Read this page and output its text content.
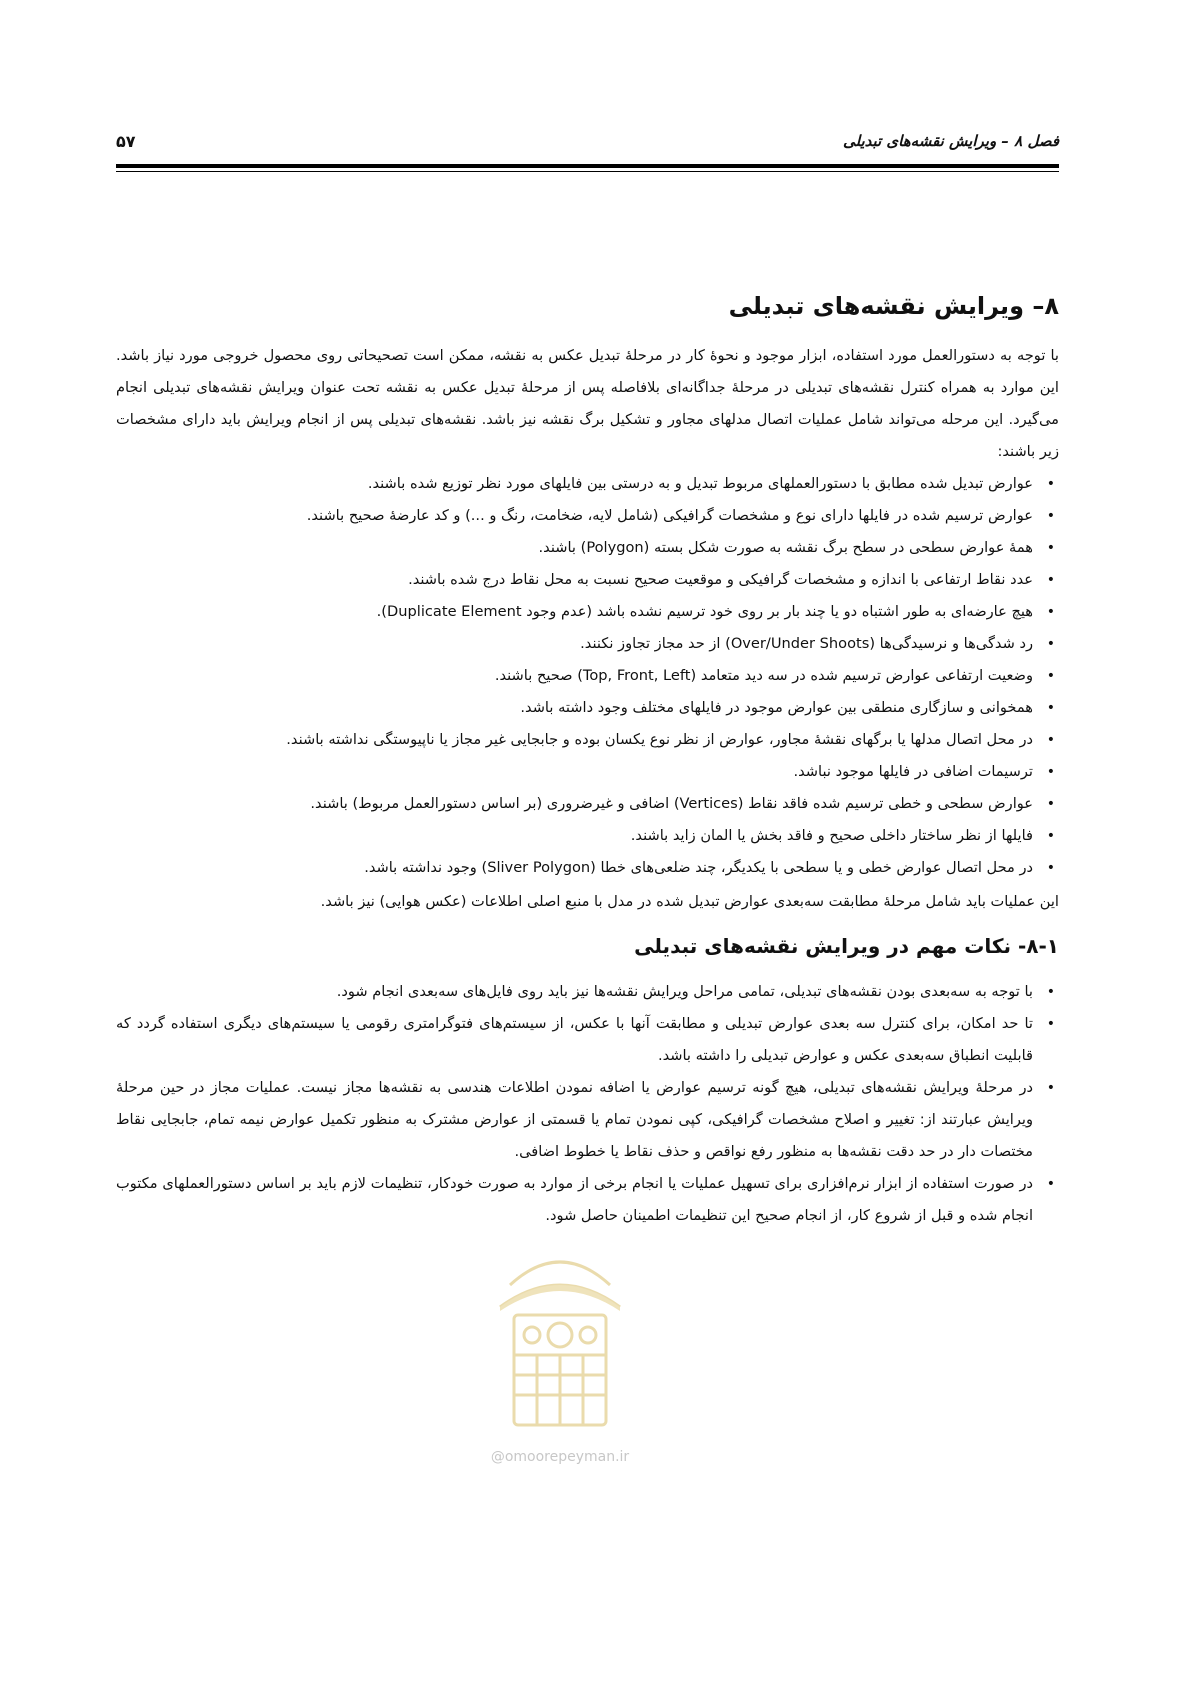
فصل ۸ – ویرایش نقشه‌های تبدیلی
۵۷
۸– ویرایش نقشه‌های تبدیلی

با توجه به دستورالعمل مورد استفاده، ابزار موجود و نحوهٔ کار در مرحلهٔ تبدیل عکس به نقشه، ممکن است تصحیحاتی روی محصول خروجی مورد نیاز باشد. این موارد به همراه کنترل نقشه‌های تبدیلی در مرحلهٔ جداگانه‌ای بلافاصله پس از مرحلهٔ تبدیل عکس به نقشه تحت عنوان ویرایش نقشه‌های تبدیلی انجام می‌گیرد. این مرحله می‌تواند شامل عملیات اتصال مدلهای مجاور و تشکیل برگ نقشه نیز باشد. نقشه‌های تبدیلی پس از انجام ویرایش باید دارای مشخصات زیر باشند:

• عوارض تبدیل شده مطابق با دستورالعملهای مربوط تبدیل و به درستی بین فایلهای مورد نظر توزیع شده باشند.
• عوارض ترسیم شده در فایلها دارای نوع و مشخصات گرافیکی (شامل لایه، ضخامت، رنگ و ...) و کد عارضهٔ صحیح باشند.
• همهٔ عوارض سطحی در سطح برگ نقشه به صورت شکل بسته (Polygon) باشند.
• عدد نقاط ارتفاعی با اندازه و مشخصات گرافیکی و موقعیت صحیح نسبت به محل نقاط درج شده باشند.
• هیچ عارضه‌ای به طور اشتباه دو یا چند بار بر روی خود ترسیم نشده باشد (عدم وجود Duplicate Element).
• رد شدگی‌ها و نرسیدگی‌ها (Over/Under Shoots) از حد مجاز تجاوز نکنند.
• وضعیت ارتفاعی عوارض ترسیم شده در سه دید متعامد (Top, Front, Left) صحیح باشند.
• همخوانی و سازگاری منطقی بین عوارض موجود در فایلهای مختلف وجود داشته باشد.
• در محل اتصال مدلها یا برگهای نقشهٔ مجاور، عوارض از نظر نوع یکسان بوده و جابجایی غیر مجاز یا ناپیوستگی نداشته باشند.
• ترسیمات اضافی در فایلها موجود نباشد.
• عوارض سطحی و خطی ترسیم شده فاقد نقاط (Vertices) اضافی و غیرضروری (بر اساس دستورالعمل مربوط) باشند.
• فایلها از نظر ساختار داخلی صحیح و فاقد بخش یا المان زاید باشند.
• در محل اتصال عوارض خطی و یا سطحی با یکدیگر، چند ضلعی‌های خطا (Sliver Polygon) وجود نداشته باشد.

این عملیات باید شامل مرحلهٔ مطابقت سه‌بعدی عوارض تبدیل شده در مدل با منبع اصلی اطلاعات (عکس هوایی) نیز باشد.

۸-۱- نکات مهم در ویرایش نقشه‌های تبدیلی
• با توجه به سه‌بعدی بودن نقشه‌های تبدیلی، تمامی مراحل ویرایش نقشه‌ها نیز باید روی فایل‌های سه‌بعدی انجام شود.
• تا حد امکان، برای کنترل سه بعدی عوارض تبدیلی و مطابقت آنها با عکس، از سیستم‌های فتوگرامتری رقومی یا سیستم‌های دیگری استفاده گردد که قابلیت انطباق سه‌بعدی عکس و عوارض تبدیلی را داشته باشد.
• در مرحلهٔ ویرایش نقشه‌های تبدیلی، هیچ گونه ترسیم عوارض یا اضافه نمودن اطلاعات هندسی به نقشه‌ها مجاز نیست. عملیات مجاز در حین مرحلهٔ ویرایش عبارتند از: تغییر و اصلاح مشخصات گرافیکی، کپی نمودن تمام یا قسمتی از عوارض مشترک به منظور تکمیل عوارض نیمه تمام، جابجایی نقاط مختصات دار در حد دقت نقشه‌ها به منظور رفع نواقص و حذف نقاط یا خطوط اضافی.
• در صورت استفاده از ابزار نرم‌افزاری برای تسهیل عملیات یا انجام برخی از موارد به صورت خودکار، تنظیمات لازم باید بر اساس دستورالعملهای مکتوب انجام شده و قبل از شروع کار، از انجام صحیح این تنظیمات اطمینان حاصل شود.
@omoorepeyman.ir
